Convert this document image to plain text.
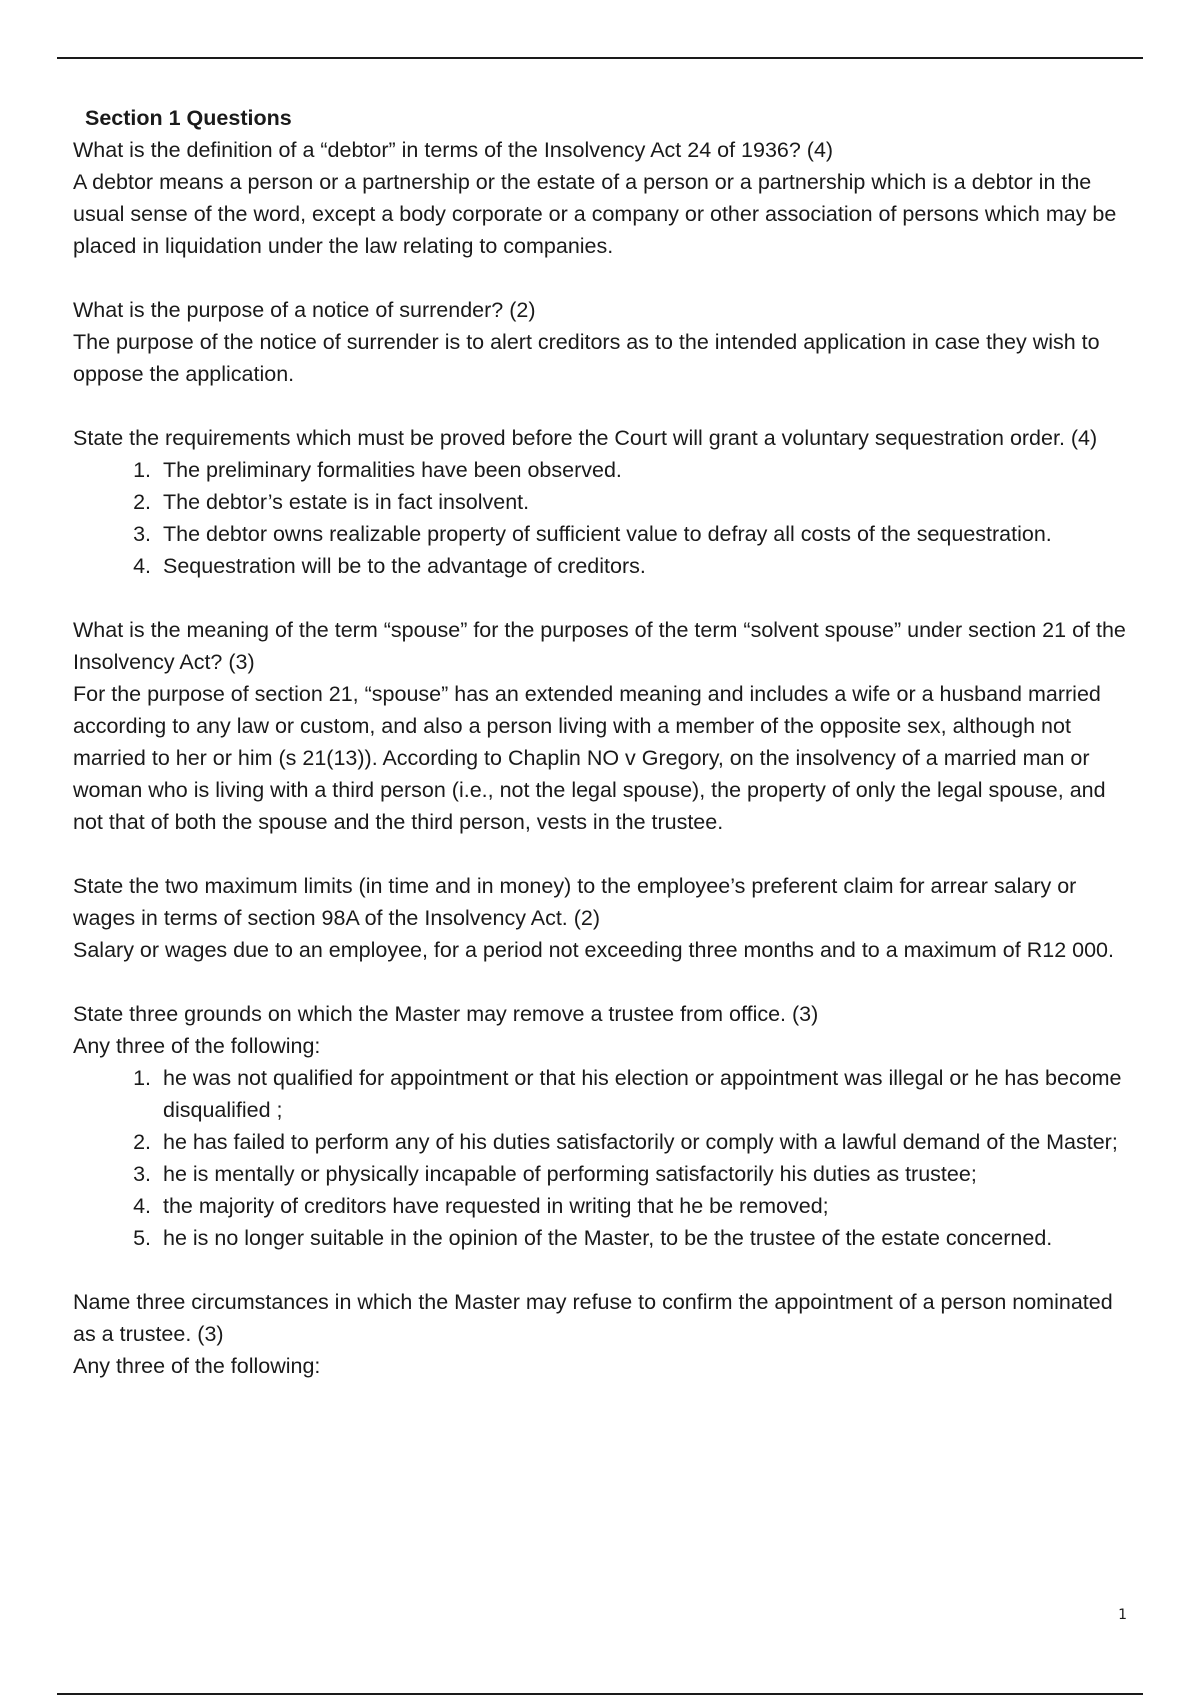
Section 1 Questions

What is the definition of a “debtor” in terms of the Insolvency Act 24 of 1936? (4)

A debtor means a person or a partnership or the estate of a person or a partnership which is a debtor in the usual sense of the word, except a body corporate or a company or other association of persons which may be placed in liquidation under the law relating to companies.

What is the purpose of a notice of surrender? (2)

The purpose of the notice of surrender is to alert creditors as to the intended application in case they wish to oppose the application.

State the requirements which must be proved before the Court will grant a voluntary sequestration order. (4)

1. The preliminary formalities have been observed.
2. The debtor’s estate is in fact insolvent.
3. The debtor owns realizable property of sufficient value to defray all costs of the sequestration.
4. Sequestration will be to the advantage of creditors.

What is the meaning of the term “spouse” for the purposes of the term “solvent spouse” under section 21 of the Insolvency Act? (3)

For the purpose of section 21, “spouse” has an extended meaning and includes a wife or a husband married according to any law or custom, and also a person living with a member of the opposite sex, although not married to her or him (s 21(13)). According to Chaplin NO v Gregory, on the insolvency of a married man or woman who is living with a third person (i.e., not the legal spouse), the property of only the legal spouse, and not that of both the spouse and the third person, vests in the trustee.

State the two maximum limits (in time and in money) to the employee’s preferent claim for arrear salary or wages in terms of section 98A of the Insolvency Act. (2)

Salary or wages due to an employee, for a period not exceeding three months and to a maximum of R12 000.

State three grounds on which the Master may remove a trustee from office. (3)

Any three of the following:

1. he was not qualified for appointment or that his election or appointment was illegal or he has become disqualified ;
2. he has failed to perform any of his duties satisfactorily or comply with a lawful demand of the Master;
3. he is mentally or physically incapable of performing satisfactorily his duties as trustee;
4. the majority of creditors have requested in writing that he be removed;
5. he is no longer suitable in the opinion of the Master, to be the trustee of the estate concerned.

Name three circumstances in which the Master may refuse to confirm the appointment of a person nominated as a trustee. (3)

Any three of the following:

1
